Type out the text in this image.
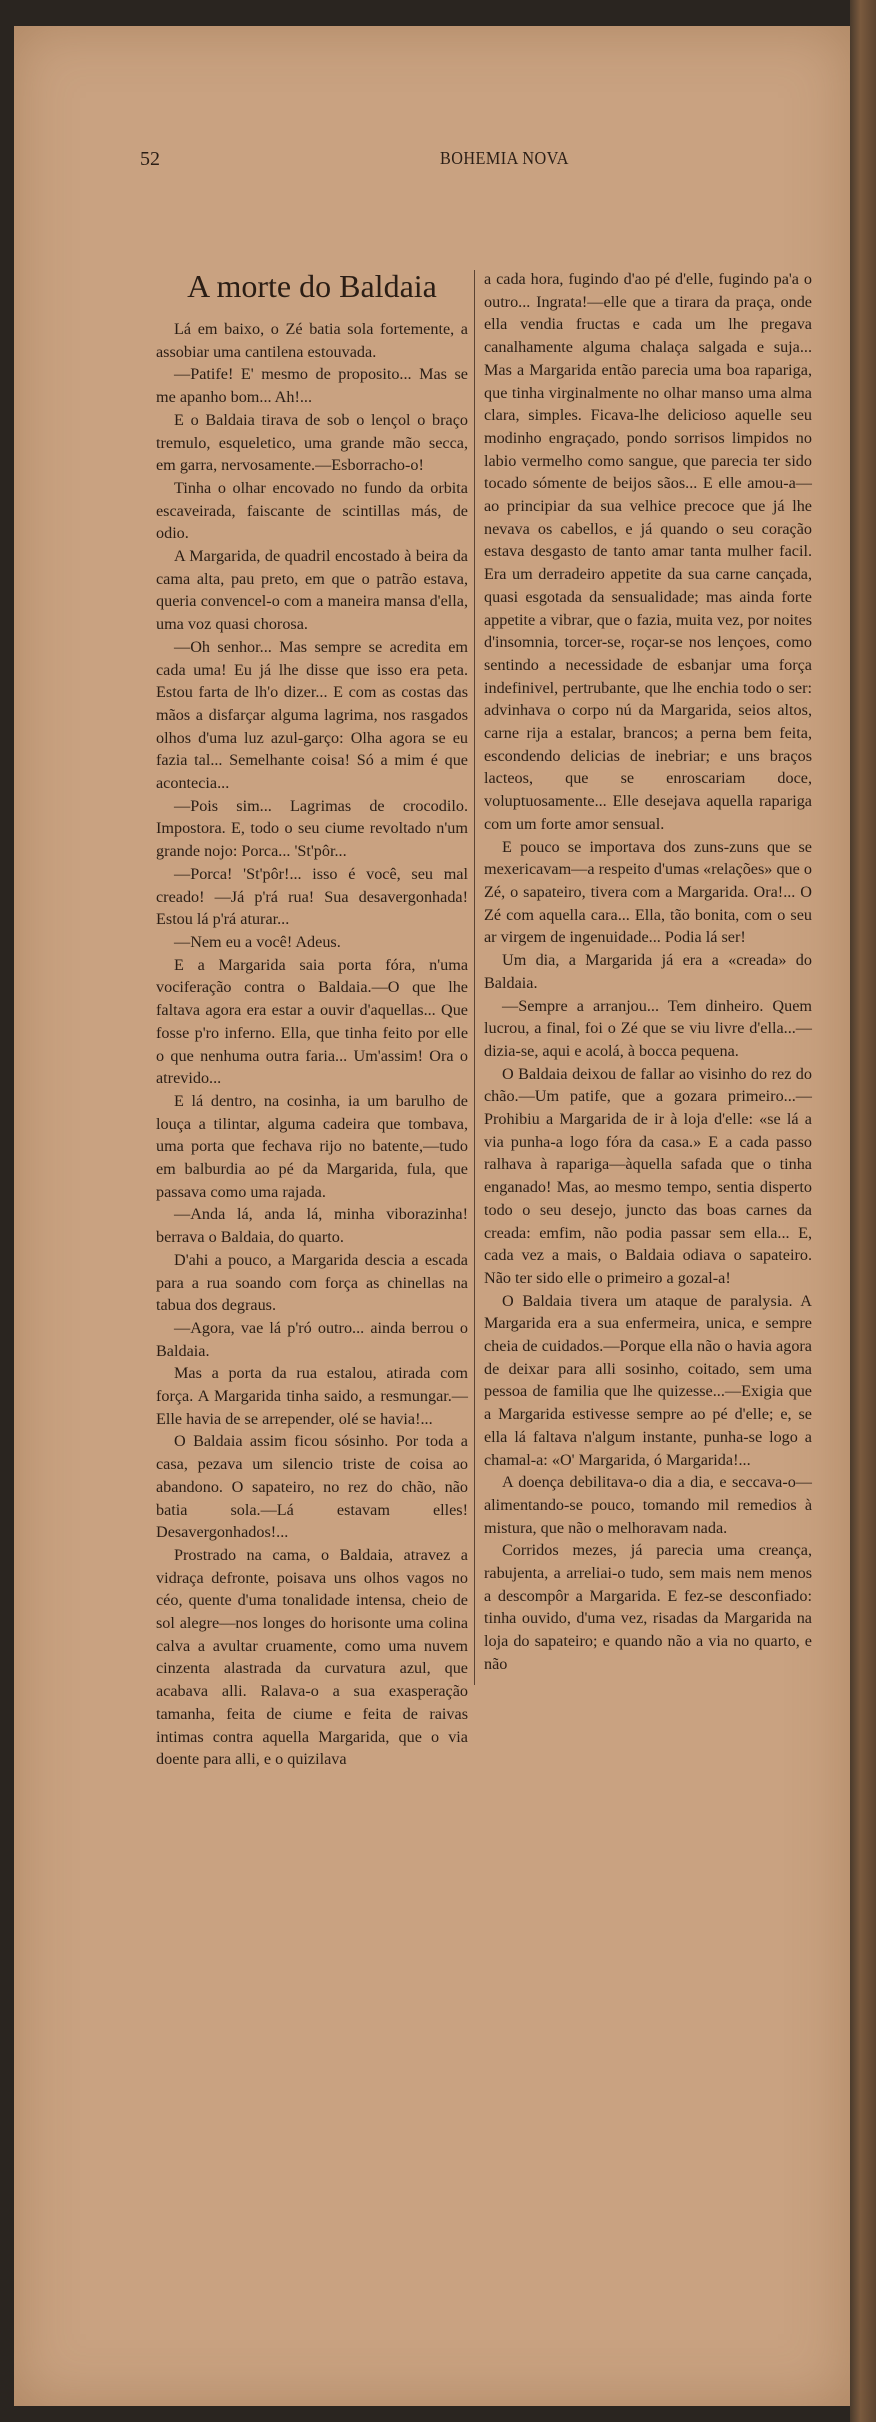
52	BOHEMIA NOVA
A morte do Baldaia

Lá em baixo, o Zé batia sola fortemente, a assobiar uma cantilena estouvada.

—Patife! E' mesmo de proposito... Mas se me apanho bom... Ah!...

E o Baldaia tirava de sob o lençol o braço tremulo, esqueletico, uma grande mão secca, em garra, nervosamente.—Esborracho-o!

Tinha o olhar encovado no fundo da orbita escaveirada, faiscante de scintillas más, de odio.

A Margarida, de quadril encostado à beira da cama alta, pau preto, em que o patrão estava, queria convencel-o com a maneira mansa d'ella, uma voz quasi chorosa.

—Oh senhor... Mas sempre se acredita em cada uma! Eu já lhe disse que isso era peta. Estou farta de lh'o dizer... E com as costas das mãos a disfarçar alguma lagrima, nos rasgados olhos d'uma luz azul-garço: Olha agora se eu fazia tal... Semelhante coisa! Só a mim é que acontecia...

—Pois sim... Lagrimas de crocodilo. Impostora. E, todo o seu ciume revoltado n'um grande nojo: Porca... 'St'pôr...

—Porca! 'St'pôr!... isso é você, seu mal creado! —Já p'rá rua! Sua desavergonhada! Estou lá p'rá aturar...

—Nem eu a você! Adeus.

E a Margarida saia porta fóra, n'uma vociferação contra o Baldaia.—O que lhe faltava agora era estar a ouvir d'aquellas... Que fosse p'ro inferno. Ella, que tinha feito por elle o que nenhuma outra faria... Um'assim! Ora o atrevido...

E lá dentro, na cosinha, ia um barulho de louça a tilintar, alguma cadeira que tombava, uma porta que fechava rijo no batente,—tudo em balburdia ao pé da Margarida, fula, que passava como uma rajada.

—Anda lá, anda lá, minha viborazinha! berrava o Baldaia, do quarto.

D'ahi a pouco, a Margarida descia a escada para a rua soando com força as chinellas na tabua dos degraus.

—Agora, vae lá p'ró outro... ainda berrou o Baldaia.

Mas a porta da rua estalou, atirada com força. A Margarida tinha saido, a resmungar.—Elle havia de se arrepender, olé se havia!...

O Baldaia assim ficou sósinho. Por toda a casa, pezava um silencio triste de coisa ao abandono. O sapateiro, no rez do chão, não batia sola.—Lá estavam elles! Desavergonhados!...

Prostrado na cama, o Baldaia, atravez a vidraça defronte, poisava uns olhos vagos no céo, quente d'uma tonalidade intensa, cheio de sol alegre—nos longes do horisonte uma colina calva a avultar cruamente, como uma nuvem cinzenta alastrada da curvatura azul, que acabava alli. Ralava-o a sua exasperação tamanha, feita de ciume e feita de raivas intimas contra aquella Margarida, que o via doente para alli, e o quizilava

a cada hora, fugindo d'ao pé d'elle, fugindo pa'a o outro... Ingrata!—elle que a tirara da praça, onde ella vendia fructas e cada um lhe pregava canalhamente alguma chalaça salgada e suja... Mas a Margarida então parecia uma boa rapariga, que tinha virginalmente no olhar manso uma alma clara, simples. Ficava-lhe delicioso aquelle seu modinho engraçado, pondo sorrisos limpidos no labio vermelho como sangue, que parecia ter sido tocado sómente de beijos sãos... E elle amou-a—ao principiar da sua velhice precoce que já lhe nevava os cabellos, e já quando o seu coração estava desgasto de tanto amar tanta mulher facil. Era um derradeiro appetite da sua carne cançada, quasi esgotada da sensualidade; mas ainda forte appetite a vibrar, que o fazia, muita vez, por noites d'insomnia, torcer-se, roçar-se nos lençoes, como sentindo a necessidade de esbanjar uma força indefinivel, pertrubante, que lhe enchia todo o ser: advinhava o corpo nú da Margarida, seios altos, carne rija a estalar, brancos; a perna bem feita, escondendo delicias de inebriar; e uns braços lacteos, que se enroscariam doce, voluptuosamente... Elle desejava aquella rapariga com um forte amor sensual.

E pouco se importava dos zuns-zuns que se mexericavam—a respeito d'umas «relações» que o Zé, o sapateiro, tivera com a Margarida. Ora!... O Zé com aquella cara... Ella, tão bonita, com o seu ar virgem de ingenuidade... Podia lá ser!

Um dia, a Margarida já era a «creada» do Baldaia.

—Sempre a arranjou... Tem dinheiro. Quem lucrou, a final, foi o Zé que se viu livre d'ella...—dizia-se, aqui e acolá, à bocca pequena.

O Baldaia deixou de fallar ao visinho do rez do chão.—Um patife, que a gozara primeiro...—Prohibiu a Margarida de ir à loja d'elle: «se lá a via punha-a logo fóra da casa.» E a cada passo ralhava à rapariga—àquella safada que o tinha enganado! Mas, ao mesmo tempo, sentia disperto todo o seu desejo, juncto das boas carnes da creada: emfim, não podia passar sem ella... E, cada vez a mais, o Baldaia odiava o sapateiro. Não ter sido elle o primeiro a gozal-a!

O Baldaia tivera um ataque de paralysia. A Margarida era a sua enfermeira, unica, e sempre cheia de cuidados.—Porque ella não o havia agora de deixar para alli sosinho, coitado, sem uma pessoa de familia que lhe quizesse...—Exigia que a Margarida estivesse sempre ao pé d'elle; e, se ella lá faltava n'algum instante, punha-se logo a chamal-a: «O' Margarida, ó Margarida!...

A doença debilitava-o dia a dia, e seccava-o—alimentando-se pouco, tomando mil remedios à mistura, que não o melhoravam nada.

Corridos mezes, já parecia uma creança, rabujenta, a arreliai-o tudo, sem mais nem menos a descompôr a Margarida. E fez-se desconfiado: tinha ouvido, d'uma vez, risadas da Margarida na loja do sapateiro; e quando não a via no quarto, e não
